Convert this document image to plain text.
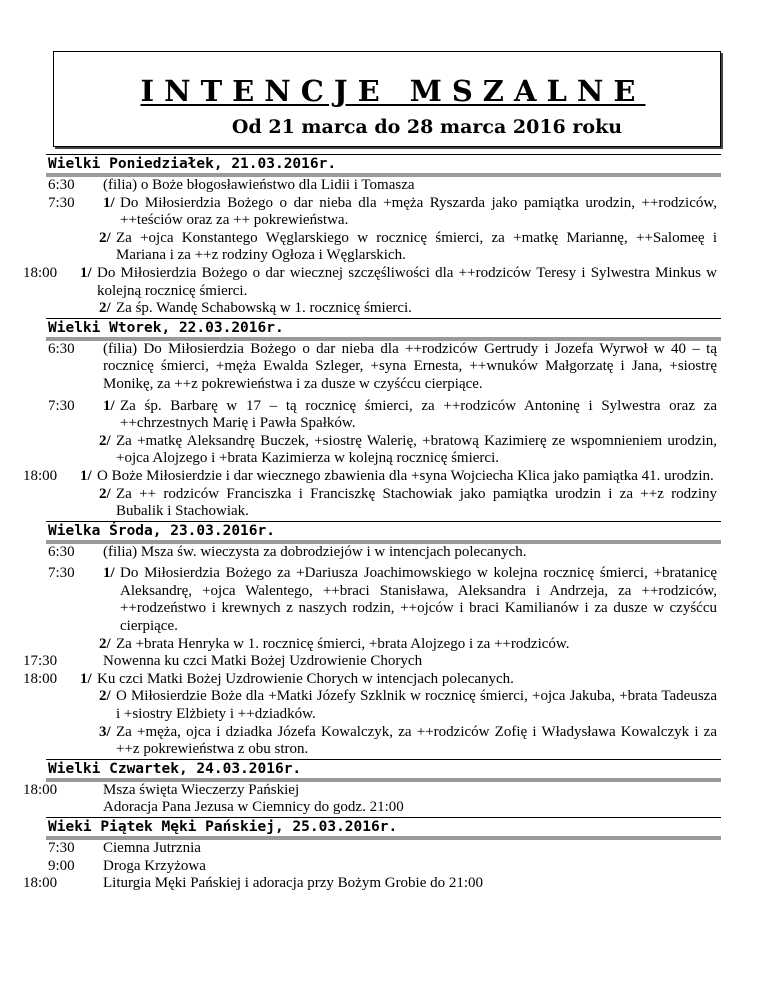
INTENCJE MSZALNE
Od 21 marca do 28 marca 2016 roku
Wielki Poniedziałek, 21.03.2016r.
6:30 (filia) o Boże błogosławieństwo dla Lidii i Tomasza
7:30 1/ Do Miłosierdzia Bożego o dar nieba dla +męża Ryszarda jako pamiątka urodzin, ++rodziców, ++teściów oraz za ++ pokrewieństwa.
2/ Za +ojca Konstantego Węglarskiego w rocznicę śmierci, za +matkę Mariannę, ++Salomeę i Mariana i za ++z rodziny Ogłoza i Węglarskich.
18:00 1/ Do Miłosierdzia Bożego o dar wiecznej szczęśliwości dla ++rodziców Teresy i Sylwestra Minkus w kolejną rocznicę śmierci.
2/ Za śp. Wandę Schabowską w 1. rocznicę śmierci.
Wielki Wtorek, 22.03.2016r.
6:30 (filia) Do Miłosierdzia Bożego o dar nieba dla ++rodziców Gertrudy i Jozefa Wyrwoł w 40 – tą rocznicę śmierci, +męża Ewalda Szleger, +syna Ernesta, ++wnuków Małgorzatę i Jana, +siostrę Monikę, za ++z pokrewieństwa i za dusze w czyśćcu cierpiące.
7:30 1/ Za śp. Barbarę w 17 – tą rocznicę śmierci, za ++rodziców Antoninę i Sylwestra oraz za ++chrzestnych Marię i Pawła Spałków.
2/ Za +matkę Aleksandrę Buczek, +siostrę Walerię, +bratową Kazimierę ze wspomnieniem urodzin, +ojca Alojzego i +brata Kazimierza w kolejną rocznicę śmierci.
18:00 1/ O Boże Miłosierdzie i dar wiecznego zbawienia dla +syna Wojciecha Klica jako pamiątka 41. urodzin.
2/ Za ++ rodziców Franciszka i Franciszkę Stachowiak jako pamiątka urodzin i za ++z rodziny Bubalik i Stachowiak.
Wielka Środa, 23.03.2016r.
6:30 (filia) Msza św. wieczysta za dobrodziejów i w intencjach polecanych.
7:30 1/ Do Miłosierdzia Bożego za +Dariusza Joachimowskiego w kolejna rocznicę śmierci, +bratanicę Aleksandrę, +ojca Walentego, ++braci Stanisława, Aleksandra i Andrzeja, za ++rodziców, ++rodzeństwo i krewnych z naszych rodzin, ++ojców i braci Kamilianów i za dusze w czyśćcu cierpiące.
2/ Za +brata Henryka w 1. rocznicę śmierci, +brata Alojzego i za ++rodziców.
17:30	Nowenna ku czci Matki Bożej Uzdrowienie Chorych
18:00 1/ Ku czci Matki Bożej Uzdrowienie Chorych w intencjach polecanych.
2/ O Miłosierdzie Boże dla +Matki Józefy Szklnik w rocznicę śmierci, +ojca Jakuba, +brata Tadeusza i +siostry Elżbiety i ++dziadków.
3/ Za +męża, ojca i dziadka Józefa Kowalczyk, za ++rodziców Zofię i Władysława Kowalczyk i za ++z pokrewieństwa z obu stron.
Wielki Czwartek, 24.03.2016r.
18:00	Msza święta Wieczerzy Pańskiej
Adoracja Pana Jezusa w Ciemnicy do godz. 21:00
Wieki Piątek Męki Pańskiej, 25.03.2016r.
7:30 Ciemna Jutrznia
9:00 Droga Krzyżowa
18:00	Liturgia Męki Pańskiej i adoracja przy Bożym Grobie do 21:00
